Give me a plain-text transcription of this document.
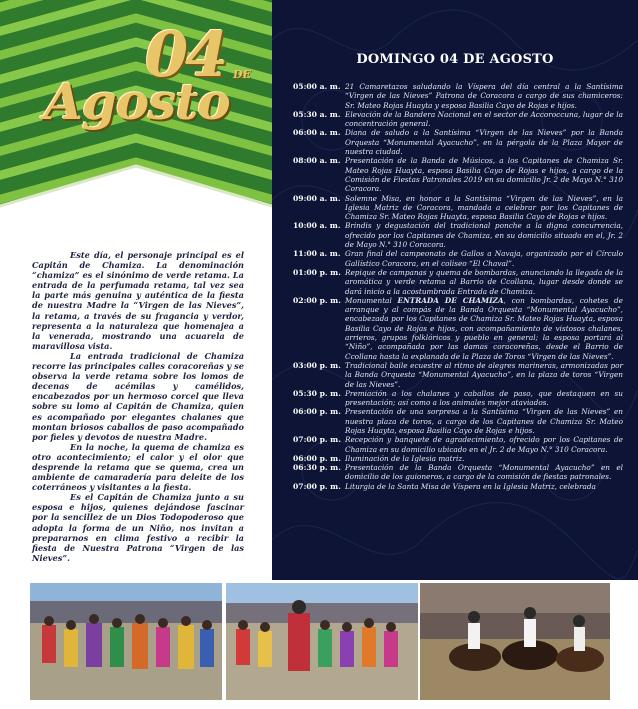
04 DE
Agosto

Este día, el personaje principal es el Capitán de Chamiza. La denominación “chamiza” es el sinónimo de verde retama. La entrada de la perfumada retama, tal vez sea la parte más genuina y auténtica de la fiesta de nuestra Madre la “Virgen de las Nieves”, la retama, a través de su fragancia y verdor, representa a la naturaleza que homenajea a la venerada, mostrando una acuarela de maravillosa vista.

La entrada tradicional de Chamiza recorre las principales calles coracoreñas y se observa la verde retama sobre los lomos de decenas de acémilas y camélidos, encabezados por un hermoso corcel que lleva sobre su lomo al Capitán de Chamiza, quien es acompañado por elegantes chalanes que montan briosos caballos de paso acompañado por fieles y devotos de nuestra Madre.

En la noche, la quema de chamiza es otro acontecimiento; el calor y el olor que desprende la retama que se quema, crea un ambiente de camaradería para deleite de los coterráneos y visitantes a la fiesta.

Es el Capitán de Chamiza junto a su esposa e hijos, quienes dejándose fascinar por la sencillez de un Dios Todopoderoso que adopta la forma de un Niño, nos invitan a prepararnos en clima festivo a recibir la fiesta de Nuestra Patrona “Virgen de las Nieves”.

DOMINGO 04 DE AGOSTO
05:00 a. m. 21 Camaretazos saludando la Víspera del día central a la Santísima “Virgen de las Nieves” Patrona de Coracora a cargo de sus chamiceros: Sr. Mateo Rojas Huayta y esposa Basilia Cayo de Rojas e hijos.
05:30 a. m. Elevación de la Bandera Nacional en el sector de Accoroccuna, lugar de la concentración general.
06:00 a. m. Diana de saludo a la Santísima “Virgen de las Nieves” por la Banda Orquesta “Monumental Ayacucho”, en la pérgola de la Plaza Mayor de nuestra ciudad.
08:00 a. m. Presentación de la Banda de Músicos, a los Capitanes de Chamiza Sr. Mateo Rojas Huayta, esposa Basilia Cayo de Rojas e hijos, a cargo de la Comisión de Fiestas Patronales 2019 en su domicilio Jr. 2 de Mayo N.° 310 Coracora.
09:00 a. m. Solemne Misa, en honor a la Santísima “Virgen de las Nieves”, en la Iglesia Matriz de Coracora, mandada a celebrar por los Capitanes de Chamiza Sr. Mateo Rojas Huayta, esposa Basilia Cayo de Rojas e hijos.
10:00 a. m. Brindis y degustación del tradicional ponche a la digna concurrencia, ofrecido por los Capitanes de Chamiza, en su domicilio situado en el, Jr. 2 de Mayo N.° 310 Coracora.
11:00 a. m. Gran final del campeonato de Gallos a Navaja, organizado por el Círculo Gallístico Coracora, en el coliseo “El Chaval”.
01:00 p. m. Repique de campanas y quema de bombardas, anunciando la llegada de la aromática y verde retama al Barrio de Ccollana, lugar desde donde se dará inicio a la acostumbrada Entrada de Chamiza.
02:00 p. m. Monumental ENTRADA DE CHAMIZA, con bombardas, cohetes de arranque y al compás de la Banda Orquesta “Monumental Ayacucho”, encabezada por los Capitanes de Chamiza Sr. Mateo Rojas Huayta, esposa Basilia Cayo de Rojas e hijos, con acompañamiento de vistosos chalanes, arrieros, grupos folklóricos y pueblo en general; la esposa portará al “Niño”, acompañada por las damas coracoreñas, desde el Barrio de Ccollana hasta la explanada de la Plaza de Toros “Virgen de las Nieves”.
03:00 p. m. Tradicional baile ecuestre al ritmo de alegres marineras, armonizadas por la Banda Orquesta “Monumental Ayacucho”, en la plaza de toros “Virgen de las Nieves”.
05:30 p. m. Premiación a los chalanes y caballos de paso, que destaquen en su presentación; así como a los animales mejor ataviados.
06:00 p. m. Presentación de una sorpresa a la Santísima “Virgen de las Nieves” en nuestra plaza de toros, a cargo de los Capitanes de Chamiza Sr. Mateo Rojas Huayta, esposa Basilia Cayo de Rojas e hijos.
07:00 p. m. Recepción y banquete de agradecimiento, ofrecido por los Capitanes de Chamiza en su domicilio ubicado en el Jr. 2 de Mayo N.° 310 Coracora.
06:00 p. m. Iluminación de la Iglesia matriz.
06:30 p. m. Presentación de la Banda Orquesta “Monumental Ayacucho” en el domicilio de los guioneros, a cargo de la comisión de fiestas patronales.
07:00 p. m. Liturgia de la Santa Misa de Víspera en la Iglesia Matriz, celebrada
